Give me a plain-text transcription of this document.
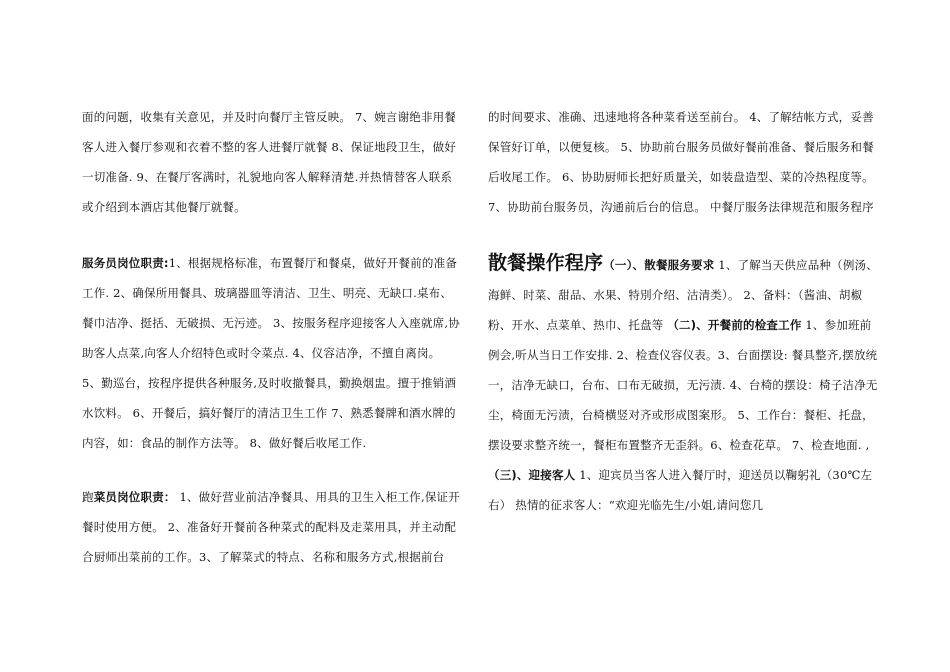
面的问题，收集有关意见，并及时向餐厅主管反映。 7、婉言谢绝非用餐客人进入餐厅参观和衣着不整的客人进餐厅就餐 8、保证地段卫生，做好一切准备. 9、在餐厅客满时，礼貌地向客人解释清楚.并热情替客人联系或介绍到本酒店其他餐厅就餐。

服务员岗位职责:1、根据规格标准，布置餐厅和餐桌，做好开餐前的准备工作. 2、确保所用餐具、玻璃器皿等清洁、卫生、明亮、无缺口.桌布、餐巾洁净、挺括、无破损、无污迹。 3、按服务程序迎接客人入座就席,协助客人点菜,向客人介绍特色或时令菜点. 4、仪容洁净，不擅自离岗。 5、勤巡台，按程序提供各种服务,及时收撤餐具，勤换烟盅。擅于推销酒水饮料。 6、开餐后，搞好餐厅的清洁卫生工作 7、熟悉餐牌和酒水牌的内容，如：食品的制作方法等。 8、做好餐后收尾工作.

跑菜员岗位职责： 1、做好营业前洁净餐具、用具的卫生入柜工作,保证开餐时使用方便。 2、准备好开餐前各种菜式的配料及走菜用具，并主动配合厨师出菜前的工作。3、了解菜式的特点、名称和服务方式,根据前台

的时间要求、准确、迅速地将各种菜肴送至前台。 4、了解结帐方式，妥善保管好订单，以便复核。 5、协助前台服务员做好餐前准备、餐后服务和餐后收尾工作。 6、协助厨师长把好质量关，如装盘造型、菜的冷热程度等。 7、协助前台服务员，沟通前后台的信息。 中餐厅服务法律规范和服务程序

散餐操作程序（一）、散餐服务要求 1、了解当天供应品种（例汤、海鲜、时菜、甜品、水果、特別介绍、沽清类）。 2、备料：（酱油、胡椒粉、开水、点菜单、热巾、托盘等 （二)、开餐前的检查工作 1、参加班前例会,听从当日工作安排. 2、检查仪容仪表。3、台面摆设: 餐具整齐,摆放统一，洁净无缺口，台布、口布无破损，无污渍. 4、台椅的摆设：椅子洁净无尘，椅面无污渍，台椅横竖对齐或形成图案形。 5、工作台：餐柜、托盘，摆设要求整齐统一，餐柜布置整齐无歪斜。6、检查花草。 7、检查地面. , （三)、迎接客人 1、迎宾员当客人进入餐厅时，迎送员以鞠躬礼（30℃左右） 热情的征求客人：“欢迎光临先生/小姐,请问您几
